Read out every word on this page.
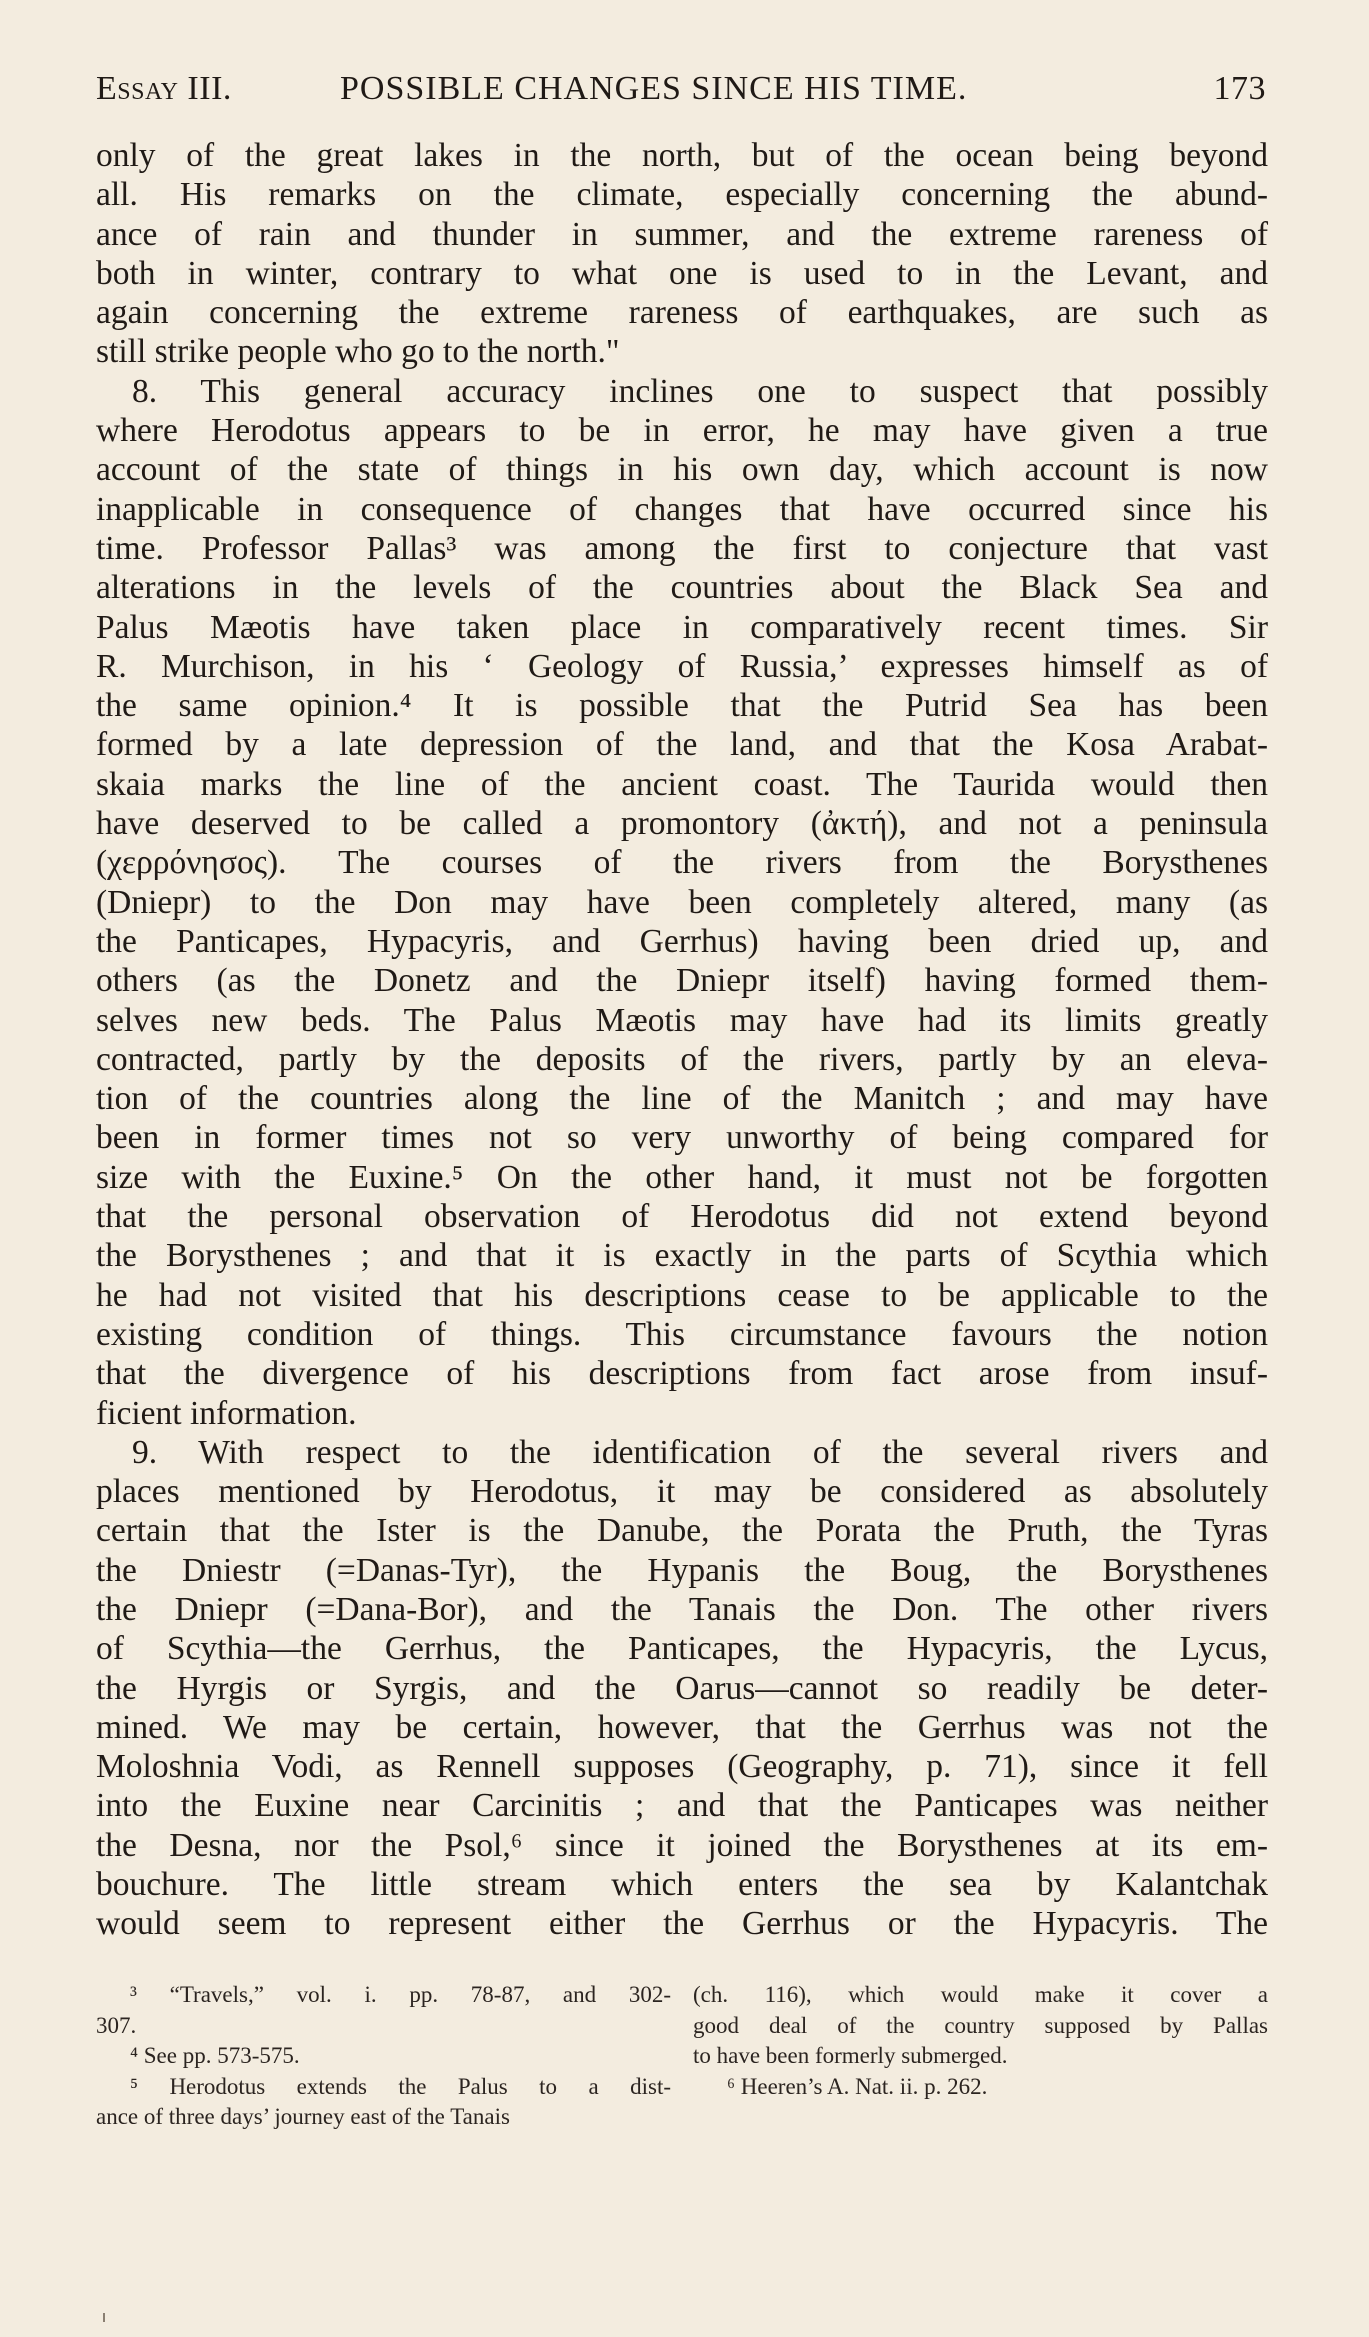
Essay III.	POSSIBLE CHANGES SINCE HIS TIME.	173
only of the great lakes in the north, but of the ocean being beyond
all. His remarks on the climate, especially concerning the abund-
ance of rain and thunder in summer, and the extreme rareness of
both in winter, contrary to what one is used to in the Levant, and
again concerning the extreme rareness of earthquakes, are such as
still strike people who go to the north."
8. This general accuracy inclines one to suspect that possibly
where Herodotus appears to be in error, he may have given a true
account of the state of things in his own day, which account is now
inapplicable in consequence of changes that have occurred since his
time. Professor Pallas³ was among the first to conjecture that vast
alterations in the levels of the countries about the Black Sea and
Palus Mæotis have taken place in comparatively recent times. Sir
R. Murchison, in his ‘ Geology of Russia,’ expresses himself as of
the same opinion.⁴ It is possible that the Putrid Sea has been
formed by a late depression of the land, and that the Kosa Arabat-
skaia marks the line of the ancient coast. The Taurida would then
have deserved to be called a promontory (ἀκτή), and not a peninsula
(χερρόνησος). The courses of the rivers from the Borysthenes
(Dniepr) to the Don may have been completely altered, many (as
the Panticapes, Hypacyris, and Gerrhus) having been dried up, and
others (as the Donetz and the Dniepr itself) having formed them-
selves new beds. The Palus Mæotis may have had its limits greatly
contracted, partly by the deposits of the rivers, partly by an eleva-
tion of the countries along the line of the Manitch ; and may have
been in former times not so very unworthy of being compared for
size with the Euxine.⁵ On the other hand, it must not be forgotten
that the personal observation of Herodotus did not extend beyond
the Borysthenes ; and that it is exactly in the parts of Scythia which
he had not visited that his descriptions cease to be applicable to the
existing condition of things. This circumstance favours the notion
that the divergence of his descriptions from fact arose from insuf-
ficient information.
9. With respect to the identification of the several rivers and
places mentioned by Herodotus, it may be considered as absolutely
certain that the Ister is the Danube, the Porata the Pruth, the Tyras
the Dniestr (=Danas-Tyr), the Hypanis the Boug, the Borysthenes
the Dniepr (=Dana-Bor), and the Tanais the Don. The other rivers
of Scythia—the Gerrhus, the Panticapes, the Hypacyris, the Lycus,
the Hyrgis or Syrgis, and the Oarus—cannot so readily be deter-
mined. We may be certain, however, that the Gerrhus was not the
Moloshnia Vodi, as Rennell supposes (Geography, p. 71), since it fell
into the Euxine near Carcinitis ; and that the Panticapes was neither
the Desna, nor the Psol,⁶ since it joined the Borysthenes at its em-
bouchure. The little stream which enters the sea by Kalantchak
would seem to represent either the Gerrhus or the Hypacyris. The
³ “Travels,” vol. i. pp. 78-87, and 302-
307.
⁴ See pp. 573-575.
⁵ Herodotus extends the Palus to a dist-
ance of three days’ journey east of the Tanais
(ch. 116), which would make it cover a
good deal of the country supposed by Pallas
to have been formerly submerged.
⁶ Heeren’s A. Nat. ii. p. 262.
